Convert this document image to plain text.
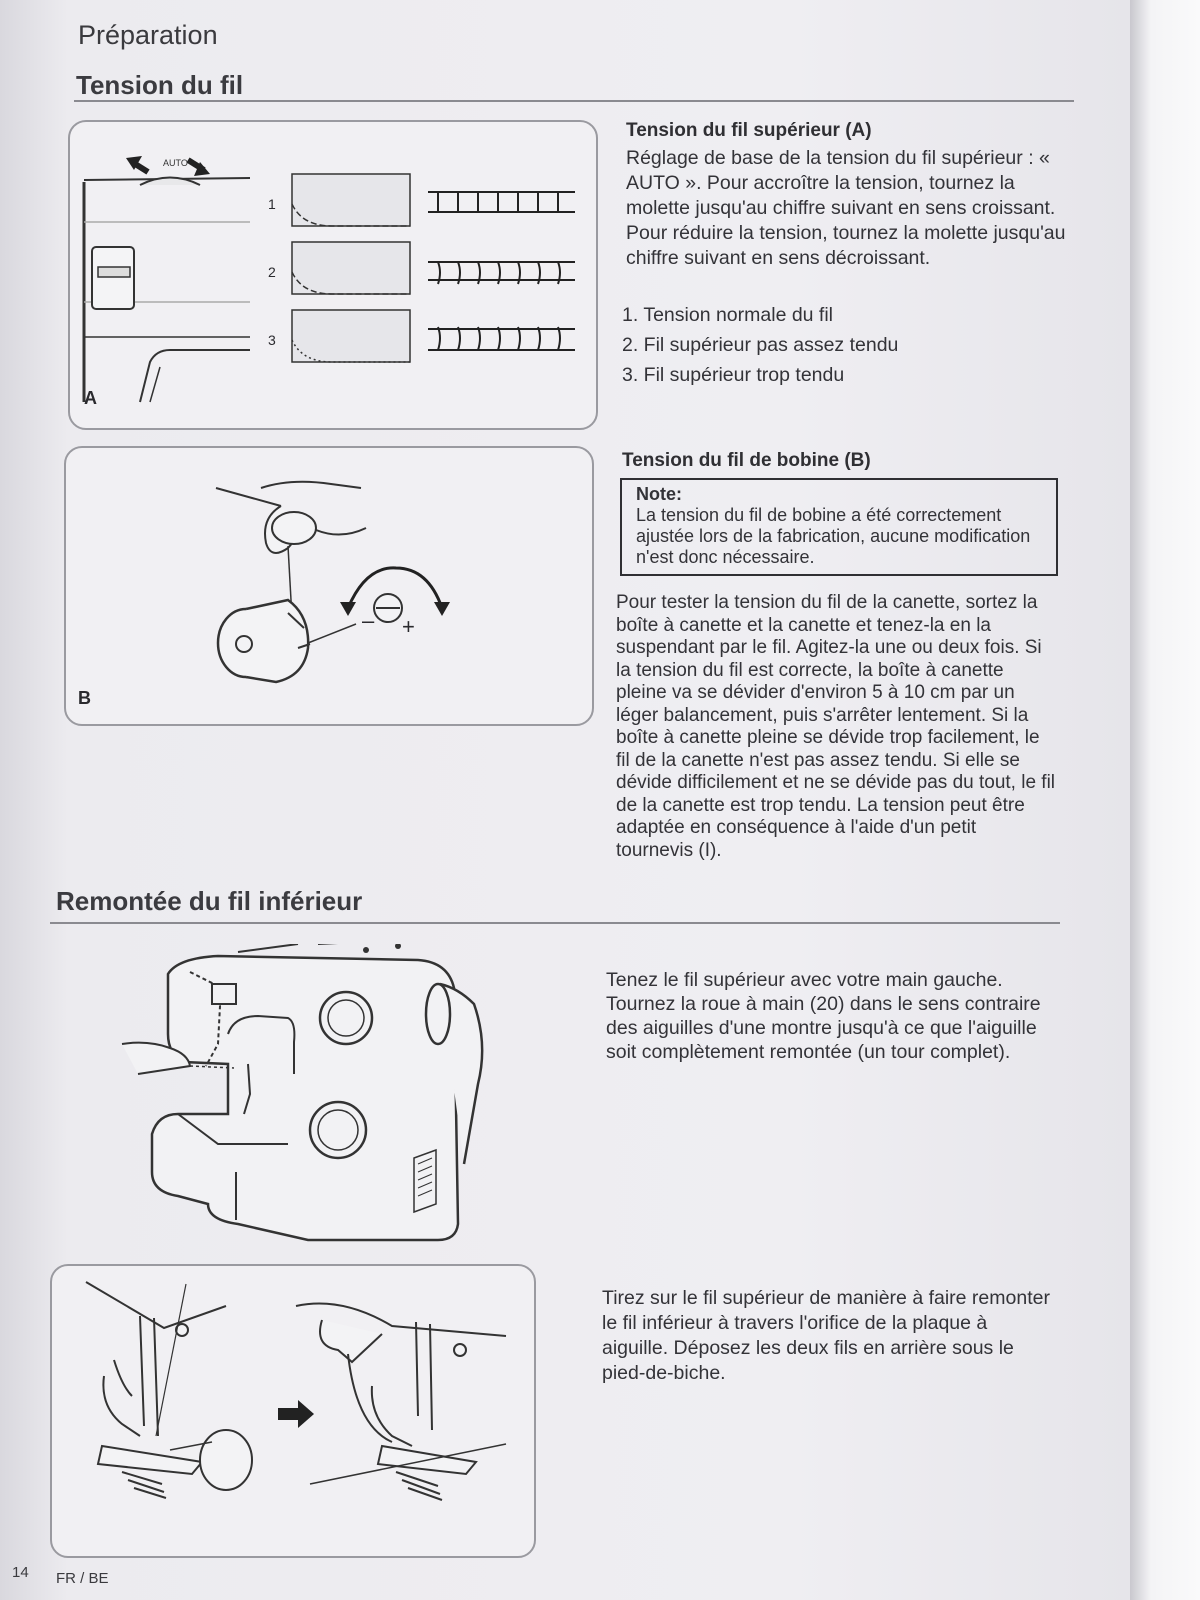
Préparation
Tension du fil
AUTO
1
2
3
A
Tension du fil supérieur (A)
Réglage de base de la tension du fil supérieur : « AUTO ». Pour accroître la tension, tournez la molette jusqu'au chiffre suivant en sens croissant. Pour réduire la tension, tournez la molette jusqu'au chiffre suivant en sens décroissant.
1. Tension normale du fil
2. Fil supérieur pas assez tendu
3. Fil supérieur trop tendu
– +
B
Tension du fil de bobine (B)
Note:
La tension du fil de bobine a été correctement ajustée lors de la fabrication, aucune modification n'est donc nécessaire.
Pour tester la tension du fil de la canette, sortez la boîte à canette et la canette et tenez-la en la suspendant par le fil. Agitez-la une ou deux fois. Si la tension du fil est correcte, la boîte à canette pleine va se dévider d'environ 5 à 10 cm par un léger balancement, puis s'arrêter lentement. Si la boîte à canette pleine se dévide trop facilement, le fil de la canette n'est pas assez tendu. Si elle se dévide difficilement et ne se dévide pas du tout, le fil de la canette est trop tendu. La tension peut être adaptée en conséquence à l'aide d'un petit tournevis (I).
Remontée du fil inférieur
Tenez le fil supérieur avec votre main gauche. Tournez la roue à main (20) dans le sens contraire des aiguilles d'une montre jusqu'à ce que l'aiguille soit complètement remontée (un tour complet).
Tirez sur le fil supérieur de manière à faire remonter le fil inférieur à travers l'orifice de la plaque à aiguille. Déposez les deux fils en arrière sous le pied-de-biche.
14 FR / BE
